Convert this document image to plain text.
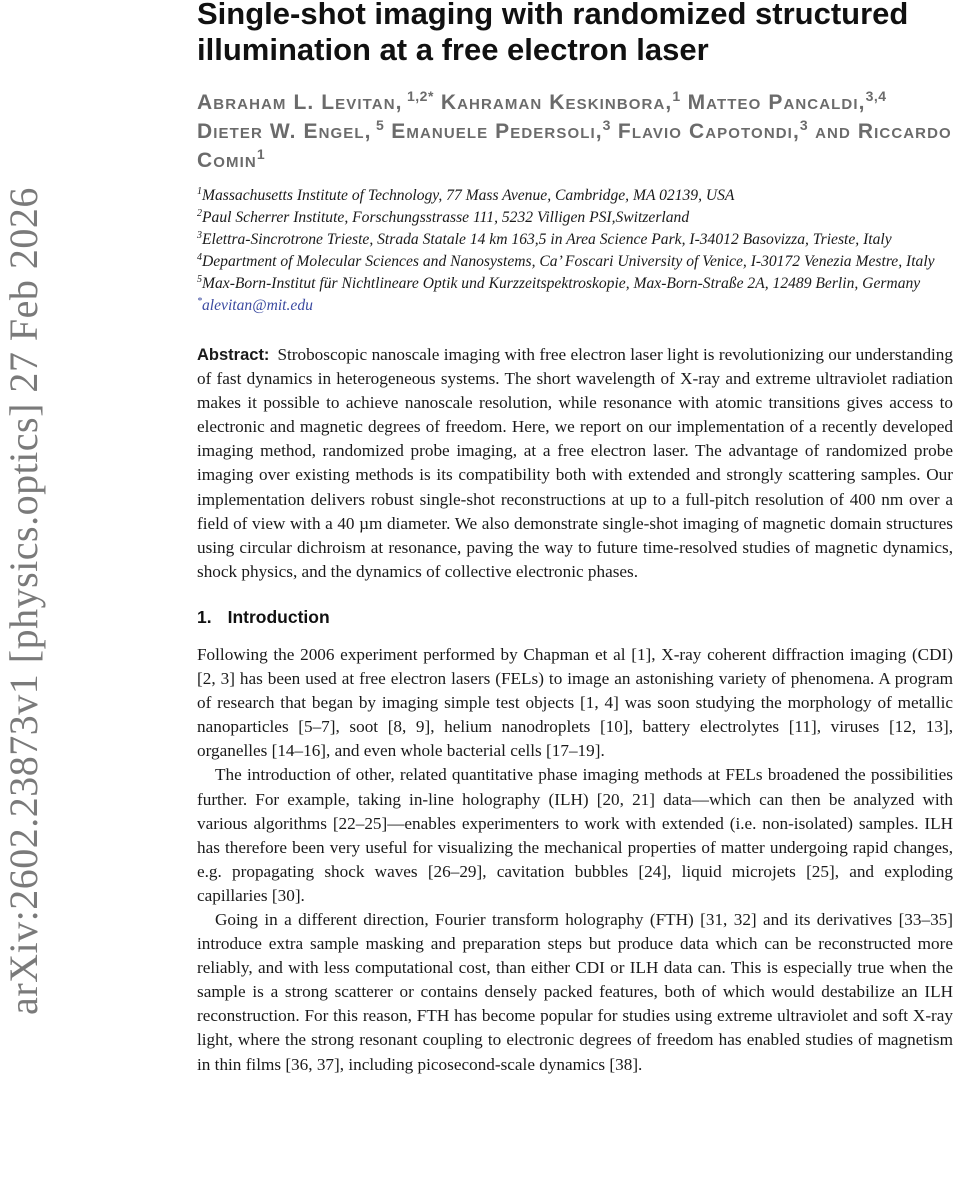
arXiv:2602.23873v1 [physics.optics] 27 Feb 2026
Single-shot imaging with randomized structured
illumination at a free electron laser
Abraham L. Levitan, $^{1,2*}$ Kahraman Keskinbora,$^1$ Matteo Pancaldi,$^{3,4}$ Dieter W. Engel, $^5$ Emanuele Pedersoli,$^3$ Flavio Capotondi,$^3$ and Riccardo Comin$^1$
$^1$Massachusetts Institute of Technology, 77 Mass Avenue, Cambridge, MA 02139, USA
$^2$Paul Scherrer Institute, Forschungsstrasse 111, 5232 Villigen PSI,Switzerland
$^3$Elettra-Sincrotrone Trieste, Strada Statale 14 km 163,5 in Area Science Park, I-34012 Basovizza, Trieste, Italy
$^4$Department of Molecular Sciences and Nanosystems, Ca’ Foscari University of Venice, I-30172 Venezia Mestre, Italy
$^5$Max-Born-Institut für Nichtlineare Optik und Kurzzeitspektroskopie, Max-Born-Straße 2A, 12489 Berlin, Germany
*alevitan@mit.edu
Abstract: Stroboscopic nanoscale imaging with free electron laser light is revolutionizing our understanding of fast dynamics in heterogeneous systems. The short wavelength of X-ray and extreme ultraviolet radiation makes it possible to achieve nanoscale resolution, while resonance with atomic transitions gives access to electronic and magnetic degrees of freedom. Here, we report on our implementation of a recently developed imaging method, randomized probe imaging, at a free electron laser. The advantage of randomized probe imaging over existing methods is its compatibility both with extended and strongly scattering samples. Our implementation delivers robust single-shot reconstructions at up to a full-pitch resolution of 400 nm over a field of view with a 40 µm diameter. We also demonstrate single-shot imaging of magnetic domain structures using circular dichroism at resonance, paving the way to future time-resolved studies of magnetic dynamics, shock physics, and the dynamics of collective electronic phases.
1. Introduction

Following the 2006 experiment performed by Chapman et al [1], X-ray coherent diffraction imaging (CDI) [2, 3] has been used at free electron lasers (FELs) to image an astonishing variety of phenomena. A program of research that began by imaging simple test objects [1, 4] was soon studying the morphology of metallic nanoparticles [5–7], soot [8, 9], helium nanodroplets [10], battery electrolytes [11], viruses [12, 13], organelles [14–16], and even whole bacterial cells [17–19].

The introduction of other, related quantitative phase imaging methods at FELs broadened the possibilities further. For example, taking in-line holography (ILH) [20, 21] data—which can then be analyzed with various algorithms [22–25]—enables experimenters to work with extended (i.e. non-isolated) samples. ILH has therefore been very useful for visualizing the mechanical properties of matter undergoing rapid changes, e.g. propagating shock waves [26–29], cavitation bubbles [24], liquid microjets [25], and exploding capillaries [30].

Going in a different direction, Fourier transform holography (FTH) [31, 32] and its derivatives [33–35] introduce extra sample masking and preparation steps but produce data which can be reconstructed more reliably, and with less computational cost, than either CDI or ILH data can. This is especially true when the sample is a strong scatterer or contains densely packed features, both of which would destabilize an ILH reconstruction. For this reason, FTH has become popular for studies using extreme ultraviolet and soft X-ray light, where the strong resonant coupling to electronic degrees of freedom has enabled studies of magnetism in thin films [36, 37], including picosecond-scale dynamics [38].
